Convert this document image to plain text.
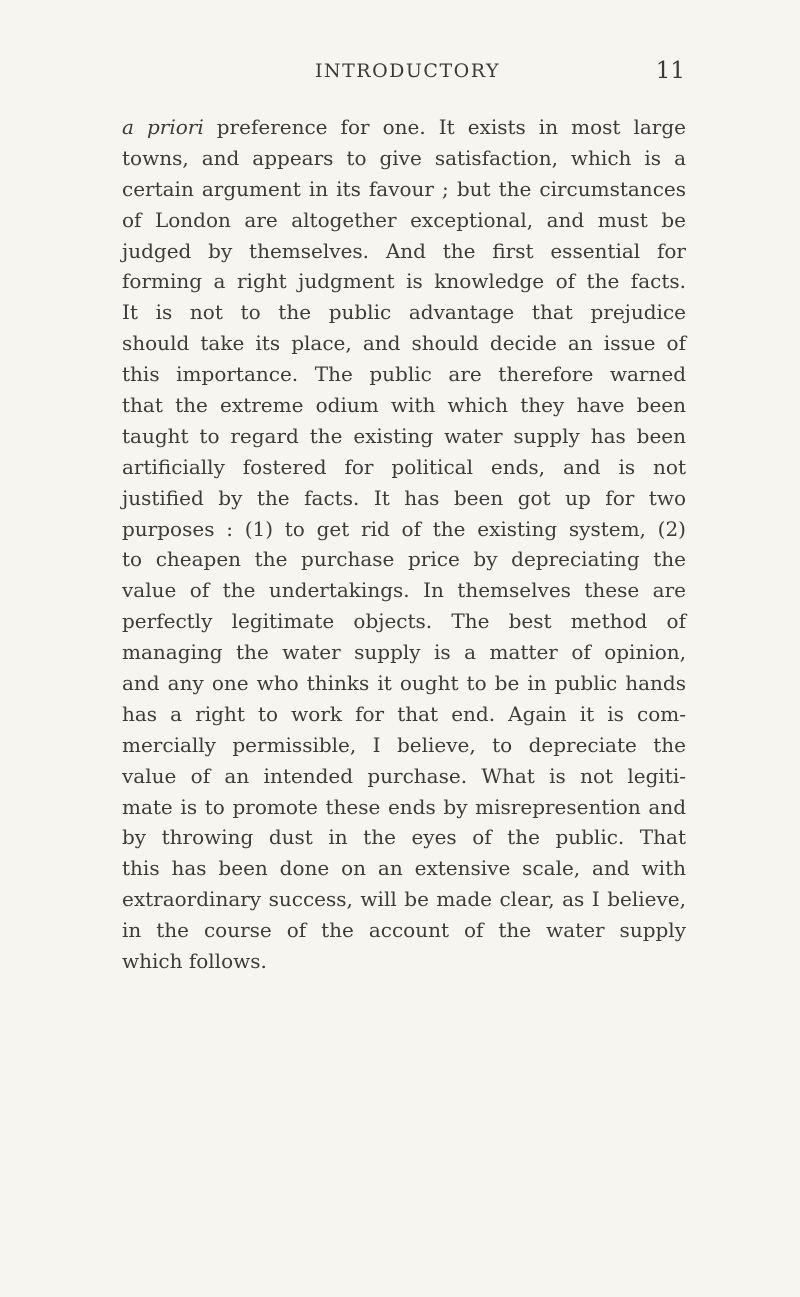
INTRODUCTORY	11
a priori preference for one. It exists in most large
towns, and appears to give satisfaction, which is a
certain argument in its favour ; but the circumstances
of London are altogether exceptional, and must be
judged by themselves. And the first essential for
forming a right judgment is knowledge of the facts.
It is not to the public advantage that prejudice
should take its place, and should decide an issue of
this importance. The public are therefore warned
that the extreme odium with which they have been
taught to regard the existing water supply has been
artificially fostered for political ends, and is not
justified by the facts. It has been got up for two
purposes : (1) to get rid of the existing system, (2)
to cheapen the purchase price by depreciating the
value of the undertakings. In themselves these are
perfectly legitimate objects. The best method of
managing the water supply is a matter of opinion,
and any one who thinks it ought to be in public hands
has a right to work for that end. Again it is com-
mercially permissible, I believe, to depreciate the
value of an intended purchase. What is not legiti-
mate is to promote these ends by misrepresention and
by throwing dust in the eyes of the public. That
this has been done on an extensive scale, and with
extraordinary success, will be made clear, as I believe,
in the course of the account of the water supply
which follows.
